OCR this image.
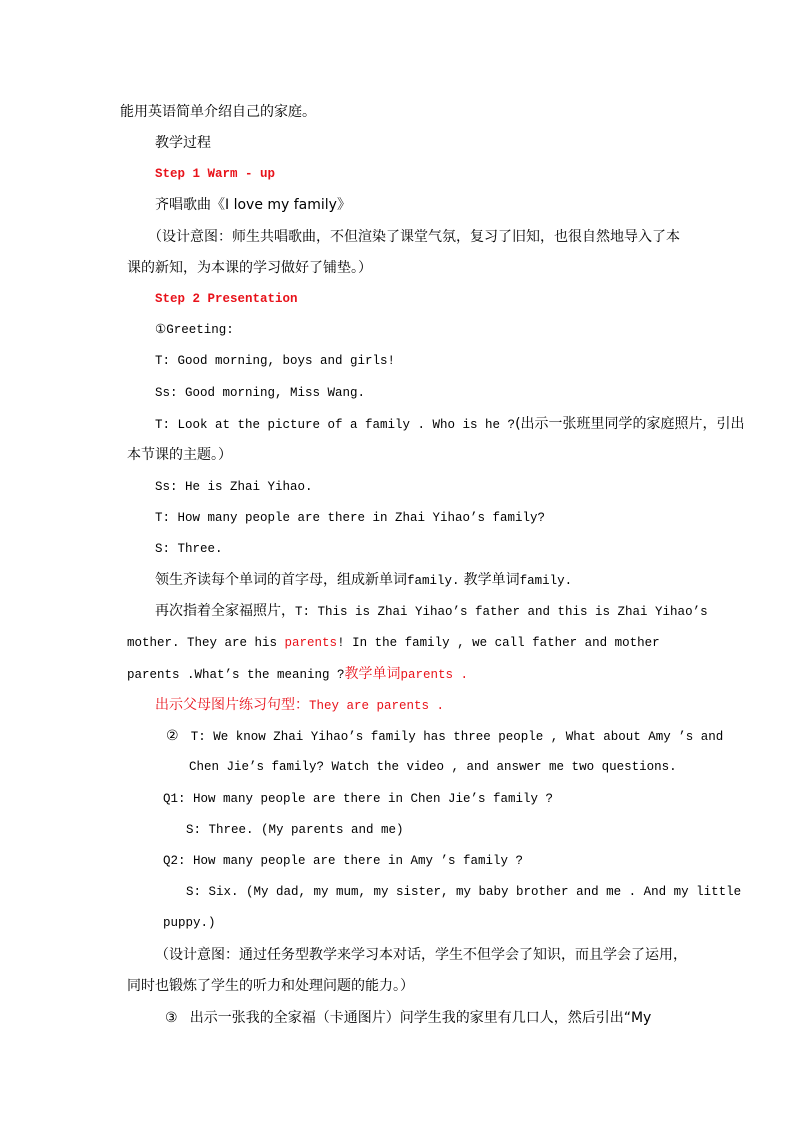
能用英语简单介绍自己的家庭。
教学过程
Step 1 Warm - up
齐唱歌曲《I love my family》
（设计意图：师生共唱歌曲，不但渲染了课堂气氛，复习了旧知，也很自然地导入了本
课的新知，为本课的学习做好了铺垫。）
Step 2 Presentation
①Greeting:
T: Good morning, boys and girls!
Ss: Good morning, Miss Wang.
T: Look at the picture of a family . Who is he ?(出示一张班里同学的家庭照片，引出
本节课的主题。）
Ss: He is Zhai Yihao.
T: How many people are there in Zhai Yihao’s family?
S: Three.
领生齐读每个单词的首字母，组成新单词family. 教学单词family.
再次指着全家福照片，T: This is Zhai Yihao’s father and this is Zhai Yihao’s
mother. They are his parents! In the family , we call father and mother
parents .What’s the meaning ?教学单词parents .
出示父母图片练习句型：They are parents .
② T: We know Zhai Yihao’s family has three people , What about Amy ’s and
Chen Jie’s family? Watch the video , and answer me two questions.
Q1: How many people are there in Chen Jie’s family ?
S: Three. (My parents and me)
Q2: How many people are there in Amy ’s family ?
S: Six. (My dad, my mum, my sister, my baby brother and me . And my little
puppy.)
（设计意图：通过任务型教学来学习本对话，学生不但学会了知识，而且学会了运用，
同时也锻炼了学生的听力和处理问题的能力。）
③ 出示一张我的全家福（卡通图片）问学生我的家里有几口人，然后引出“My
